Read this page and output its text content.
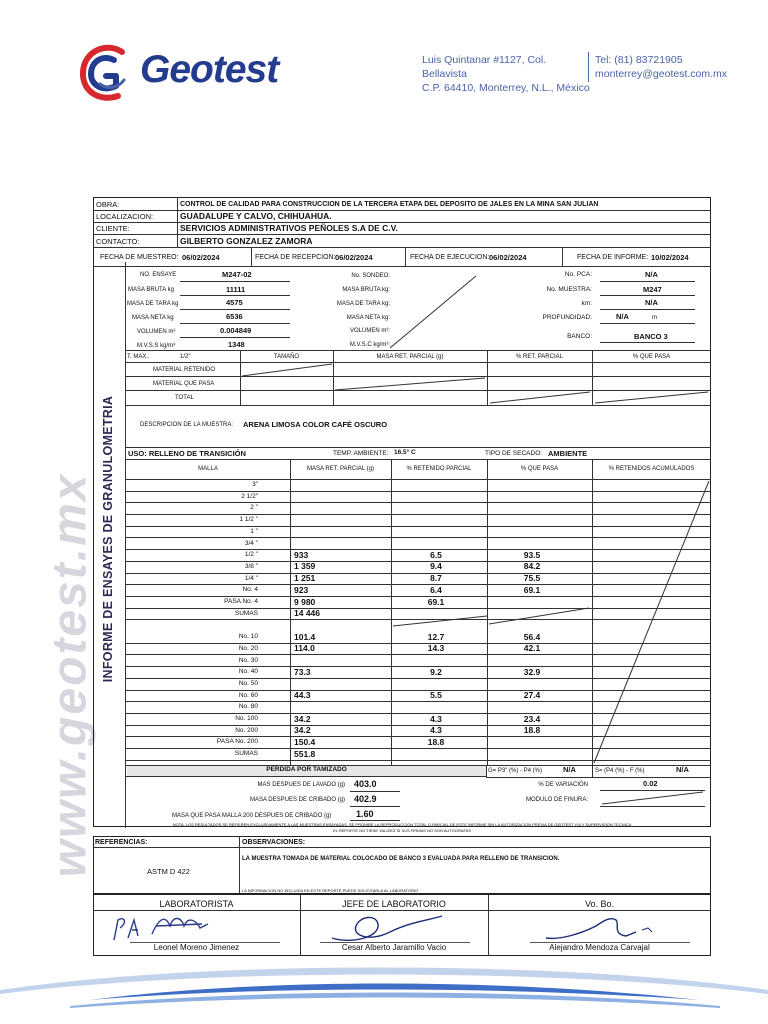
Geotest	Luis Quintanar #1127, Col. Bellavista
C.P. 64410, Monterrey, N.L., México
Tel: (81) 83721905
monterrey@geotest.com.mx
www.geotest.mx
OBRA:	CONTROL DE CALIDAD PARA CONSTRUCCION DE LA TERCERA ETAPA DEL DEPOSITO DE JALES EN LA MINA SAN JULIAN
LOCALIZACION:	GUADALUPE Y CALVO, CHIHUAHUA.
CLIENTE:	SERVICIOS ADMINISTRATIVOS PEÑOLES S.A DE C.V.
CONTACTO:	GILBERTO GONZALEZ ZAMORA
FECHA DE MUESTREO: 06/02/2024	FECHA DE RECEPCION: 06/02/2024	FECHA DE EJECUCION: 06/02/2024	FECHA DE INFORME: 10/02/2024
INFORME DE ENSAYES DE GRANULOMETRIA
NO. ENSAYE	M247-02
MASA BRUTA kg	11111
MASA DE TARA kg	4575
MASA NETA kg	6536
VOLUMEN m³	0.004849
M.V.S.S kg/m³	1348
No. SONDEO:
MASA BRUTA kg:
MASA DE TARA kg:
MASA NETA kg:
VOLUMEN m³:
M.V.S.C kg/m³:
No. PCA:	N/A
No. MUESTRA:	M247
km:	N/A
PROFUNDIDAD:	N/A	m
BANCO:	BANCO 3
T. MAX.:	1/2"	TAMAÑO	MASA RET. PARCIAL (g)	% RET. PARCIAL	% QUE PASA
MATERIAL RETENIDO
MATERIAL QUE PASA
TOTAL
DESCRIPCION DE LA MUESTRA: ARENA LIMOSA COLOR CAFÉ OSCURO
USO: RELLENO DE TRANSICIÓN	TEMP. AMBIENTE: 16.5° C	TIPO DE SECADO: AMBIENTE
MALLA	MASA RET. PARCIAL (g)	% RETENIDO PARCIAL	% QUE PASA	% RETENIDOS ACUMULADOS
3"
2 1/2"
2 "
1 1/2 "
1 "
3/4 "
1/2 "	933	6.5	93.5
3/8 "	1 359	9.4	84.2
1/4 "	1 251	8.7	75.5
No. 4	923	6.4	69.1
PASA No. 4	9 980	69.1
SUMAS	14 446
No. 10	101.4	12.7	56.4
No. 20	114.0	14.3	42.1
No. 30
No. 40	73.3	9.2	32.9
No. 50
No. 60	44.3	5.5	27.4
No. 80
No. 100	34.2	4.3	23.4
No. 200	34.2	4.3	18.8
PASA No. 200	150.4	18.8
SUMAS	551.8
PERDIDA POR TAMIZADO	G= P3" (%) - P4 (%)	N/A	S= (P4 (%) - F (%)	N/A
MAS DESPUES DE LAVADO (g) 403.0	% DE VARIACIÓN	0.02
MASA DESPUES DE CRIBADO (g) 402.9	MODULO DE FINURA:
MASA QUE PASA MALLA 200 DESPUES DE CRIBADO (g)	1.60
NOTA: LOS RESULTADOS SE REFIEREN EXCLUSIVAMENTE A LAS MUESTRAS ENSAYADAS. SE PROHIBE LA REPRODUCCION TOTAL O PARCIAL DE ESTE INFORME SIN LA AUTORIZACION PREVIA DE GEOTEST Y/A Y SUPERVISION TECNICA
EL REPORTE NO TIENE VALIDEZ SI SUS FIRMAS NO SON AUTOGRAFAS
REFERENCIAS:
ASTM D 422
OBSERVACIONES:
LA MUESTRA TOMADA DE MATERIAL COLOCADO DE BANCO 3 EVALUADA PARA RELLENO DE TRANSICION.
LA INFORMACION NO INCLUIDA EN ESTE REPORTE PUEDE SOLICITARLA AL LABORATORIO
LABORATORISTA	JEFE DE LABORATORIO	Vo. Bo.
Leonel Moreno Jimenez	Cesar Alberto Jaramillo Vacio	Alejandro Mendoza Carvajal
